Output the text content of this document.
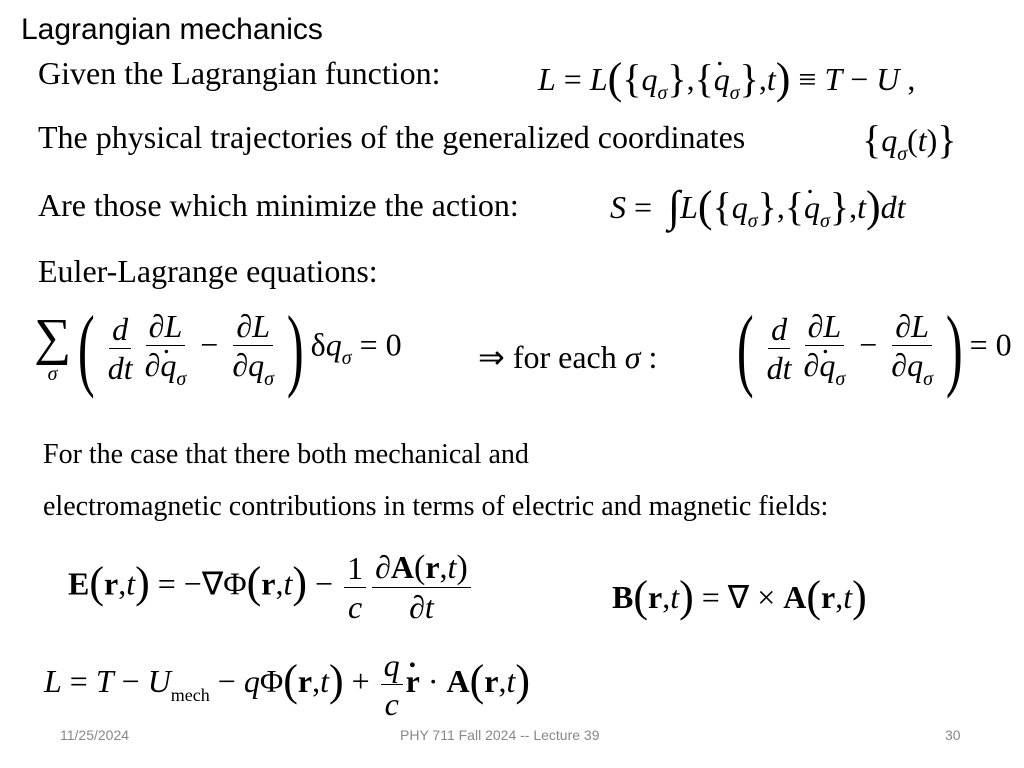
Lagrangian mechanics
Given the Lagrangian function:	$L = L(\{q_\sigma\},\{q$ $._\sigma\},t) \equiv T - U$ ,
The physical trajectories of the generalized coordinates	$\{q_\sigma(t)\}$
Are those which minimize the action:	$S = \int L(\{q_\sigma\},\{q$ $._\sigma\},t)dt$
Euler-Lagrange equations:
∑
σ ( $\frac{d}{dt} \frac{\partial L}{\partial q ._\sigma} - \frac{\partial L}{\partial q_\sigma}$ ) $\delta q_\sigma = 0$ ⇒ for each σ : ( $\frac{d}{dt} \frac{\partial L}{\partial q ._\sigma} - \frac{\partial L}{\partial q_\sigma}$ ) = 0
For the case that there both mechanical and
electromagnetic contributions in terms of electric and magnetic fields:
$E(r,t) = -\nabla\Phi(r,t) - \frac{1}{c} \frac{\partial A(r,t)}{\partial t}$	B(r,t) = ∇ × A(r,t)
$L = T - U_{mech} - q\Phi(r,t) + \frac{q}{c}$ r . · A(r,t)
11/25/2024	PHY 711 Fall 2024 -- Lecture 39	30
